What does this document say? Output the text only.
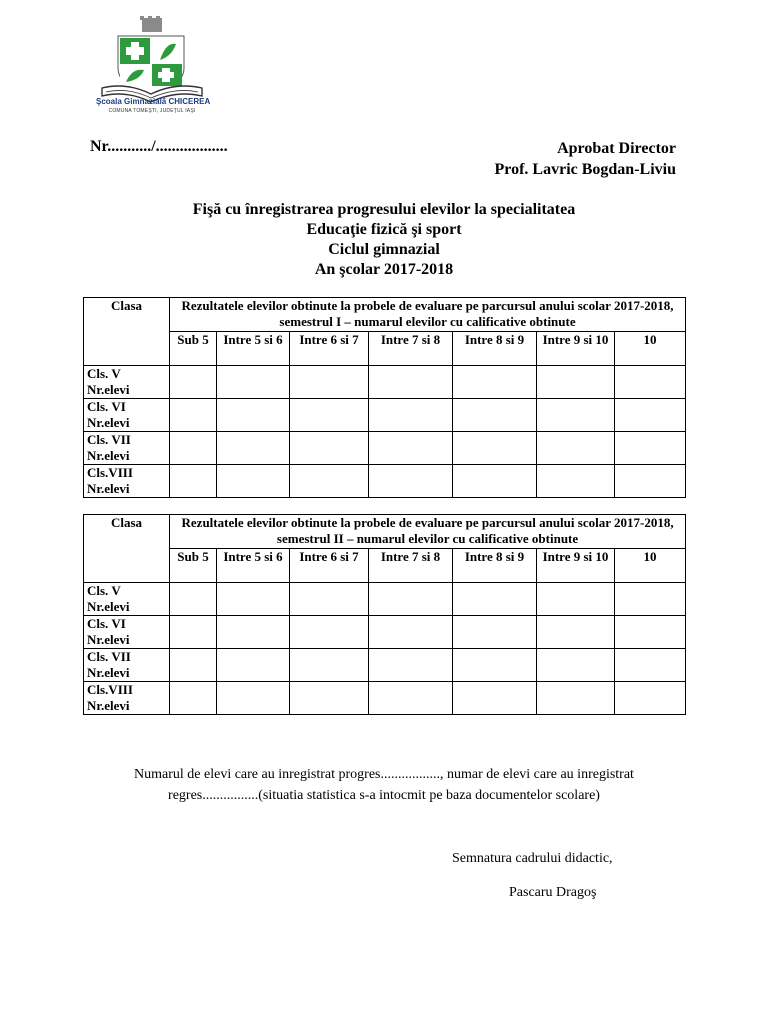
Şcoala Gimnazială CHICEREA
COMUNA TOMEŞTI, JUDEŢUL IAŞI
Nr.........../..................	Aprobat Director
Prof. Lavric Bogdan-Liviu
Fişă cu înregistrarea progresului elevilor la specialitatea
Educaţie fizică şi sport
Ciclul gimnazial
An şcolar 2017-2018
Clasa	Rezultatele elevilor obtinute la probele de evaluare pe parcursul anului scolar 2017-2018, semestrul I – numarul elevilor cu calificative obtinute						
	Sub 5	Intre 5 si 6	Intre 6 si 7	Intre 7 si 8	Intre 8 si 9	Intre 9 si 10	10

Cls. V
Nr.elevi							

Cls. VI
Nr.elevi							

Cls. VII
Nr.elevi							

Cls.VIII
Nr.elevi							

Clasa	Rezultatele elevilor obtinute la probele de evaluare pe parcursul anului scolar 2017-2018, semestrul II – numarul elevilor cu calificative obtinute						
	Sub 5	Intre 5 si 6	Intre 6 si 7	Intre 7 si 8	Intre 8 si 9	Intre 9 si 10	10

Cls. V
Nr.elevi							

Cls. VI
Nr.elevi							

Cls. VII
Nr.elevi							

Cls.VIII
Nr.elevi							

Numarul de elevi care au inregistrat progres................., numar de elevi care au inregistrat
regres................(situatia statistica s-a intocmit pe baza documentelor scolare)
Semnatura cadrului didactic,
Pascaru Dragoş
